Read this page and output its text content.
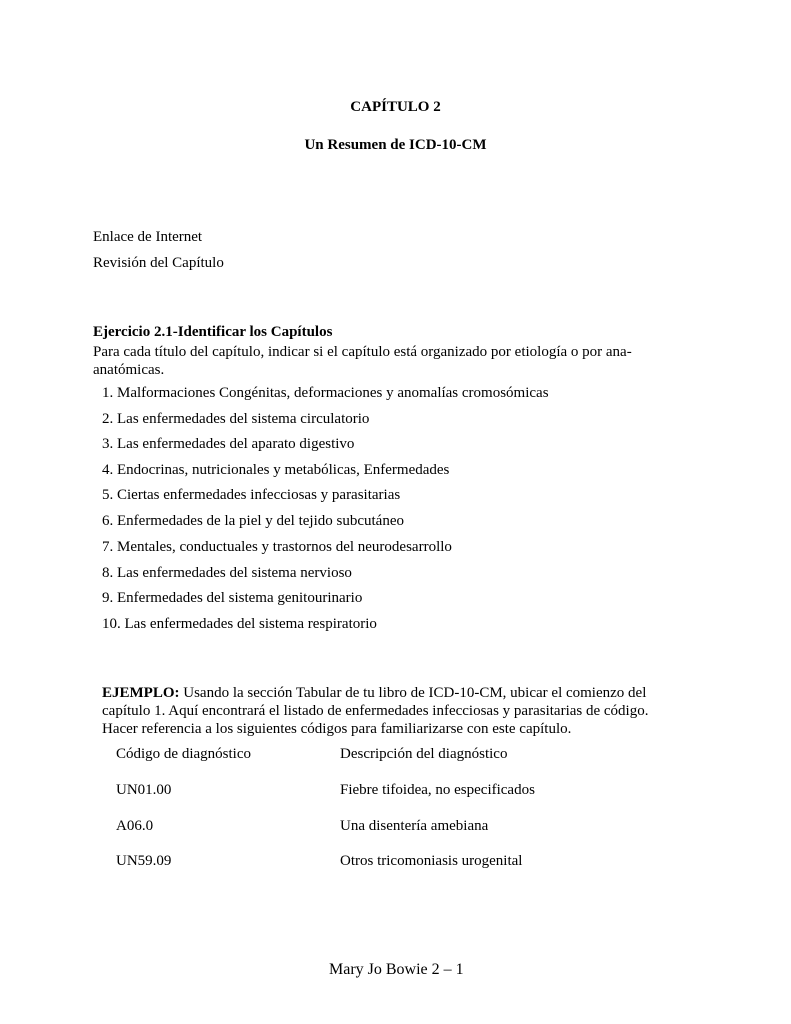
CAPÍTULO 2
Un Resumen de ICD-10-CM
Enlace de Internet
Revisión del Capítulo
Ejercicio 2.1-Identificar los Capítulos
Para cada título del capítulo, indicar si el capítulo está organizado por etiología o por ana-anatómicas.
1. Malformaciones Congénitas, deformaciones y anomalías cromosómicas
2. Las enfermedades del sistema circulatorio
3. Las enfermedades del aparato digestivo
4. Endocrinas, nutricionales y metabólicas, Enfermedades
5. Ciertas enfermedades infecciosas y parasitarias
6. Enfermedades de la piel y del tejido subcutáneo
7. Mentales, conductuales y trastornos del neurodesarrollo
8. Las enfermedades del sistema nervioso
9. Enfermedades del sistema genitourinario
10. Las enfermedades del sistema respiratorio
EJEMPLO: Usando la sección Tabular de tu libro de ICD-10-CM, ubicar el comienzo del capítulo 1. Aquí encontrará el listado de enfermedades infecciosas y parasitarias de código. Hacer referencia a los siguientes códigos para familiarizarse con este capítulo.
Código de diagnóstico	Descripción del diagnóstico
UN01.00	Fiebre tifoidea, no especificados
A06.0	Una disentería amebiana
UN59.09	Otros tricomoniasis urogenital
Mary Jo Bowie 2 – 1
